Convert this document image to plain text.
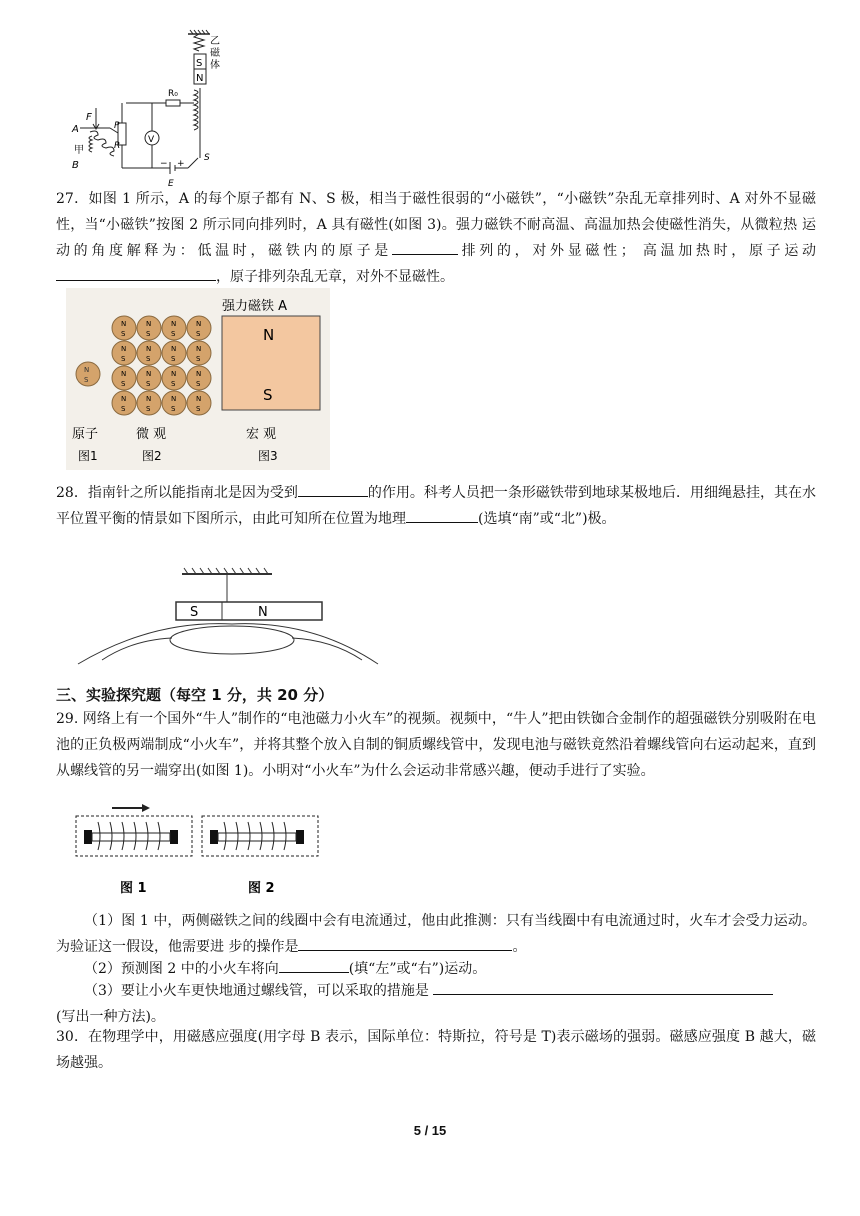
S
N
乙
磁
体
R₀
A
B
F
甲
P
R
V
− +
E
S
27．如图 1 所示，A 的每个原子都有 N、S 极，相当于磁性很弱的“小磁铁”，“小磁铁”杂乱无章排列时、A 对外不显磁性，当“小磁铁”按图 2 所示同向排列时，A 具有磁性(如图 3)。强力磁铁不耐高温、高温加热会使磁性消失，从微粒热 运动的角度解释为：低温时，磁铁内的原子是	排列的，对外显磁性； 高温加热时，原子运动 ，原子排列杂乱无章，对外不显磁性。
N
S
N
S
N
S
N
S
N
S
N
S
N
S
N
S
N
S
N
S
N
S
N
S
N
S
N
S
N
S
N
S
N
S
强力磁铁 A
N
S
原子	微 观	宏 观
图1	图2	图3
28．指南针之所以能指南北是因为受到	的作用。科考人员把一条形磁铁带到地球某极地后．用细绳悬挂，其在水平位置平衡的情景如下图所示，由此可知所在位置为地理	(选填“南”或“北”)极。
S	N
三、实验探究题（每空 1 分，共 20 分）
29. 网络上有一个国外“牛人”制作的“电池磁力小火车”的视频。视频中，“牛人”把由铁铷合金制作的超强磁铁分别吸附在电池的正负极两端制成“小火车”，并将其整个放入自制的铜质螺线管中，发现电池与磁铁竟然沿着螺线管向右运动起来，直到从螺线管的另一端穿出(如图 1)。小明对“小火车”为什么会运动非常感兴趣，便动手进行了实验。
图 1	图 2
（1）图 1 中，两侧磁铁之间的线圈中会有电流通过，他由此推测：只有当线圈中有电流通过时，火车才会受力运动。为验证这一假设，他需要进 步的操作是	。
（2）预测图 2 中的小火车将向	(填“左”或“右”)运动。
（3）要让小火车更快地通过螺线管，可以采取的措施是
(写出一种方法)。
30．在物理学中，用磁感应强度(用字母 B 表示，国际单位：特斯拉，符号是 T)表示磁场的强弱。磁感应强度 B 越大，磁场越强。
5 / 15
